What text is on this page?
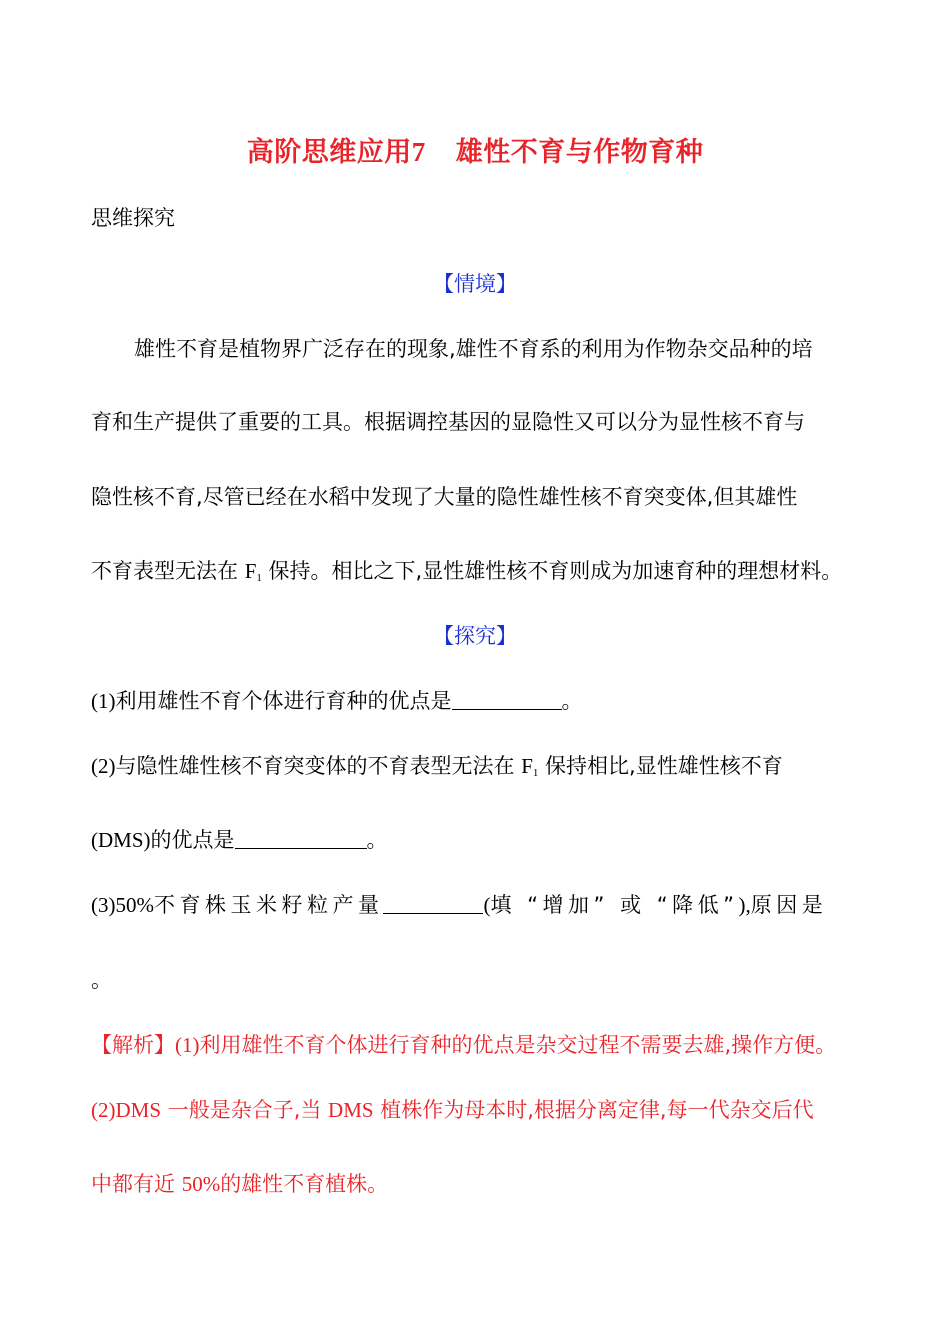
高阶思维应用7 雄性不育与作物育种
思维探究
【情境】
雄性不育是植物界广泛存在的现象,雄性不育系的利用为作物杂交品种的培
育和生产提供了重要的工具。根据调控基因的显隐性又可以分为显性核不育与
隐性核不育,尽管已经在水稻中发现了大量的隐性雄性核不育突变体,但其雄性
不育表型无法在 $F_1$ 保持。相比之下,显性雄性核不育则成为加速育种的理想材料。
【探究】
(1)利用雄性不育个体进行育种的优点是	。
(2)与隐性雄性核不育突变体的不育表型无法在 $F_1$ 保持相比,显性雄性核不育
(DMS)的优点是	。
(3)50%不育株玉米籽粒产量	(填 “增加” 或 “降低”),原因是
。
【解析】(1)利用雄性不育个体进行育种的优点是杂交过程不需要去雄,操作方便。
(2)DMS 一般是杂合子,当 DMS 植株作为母本时,根据分离定律,每一代杂交后代
中都有近 50%的雄性不育植株。
